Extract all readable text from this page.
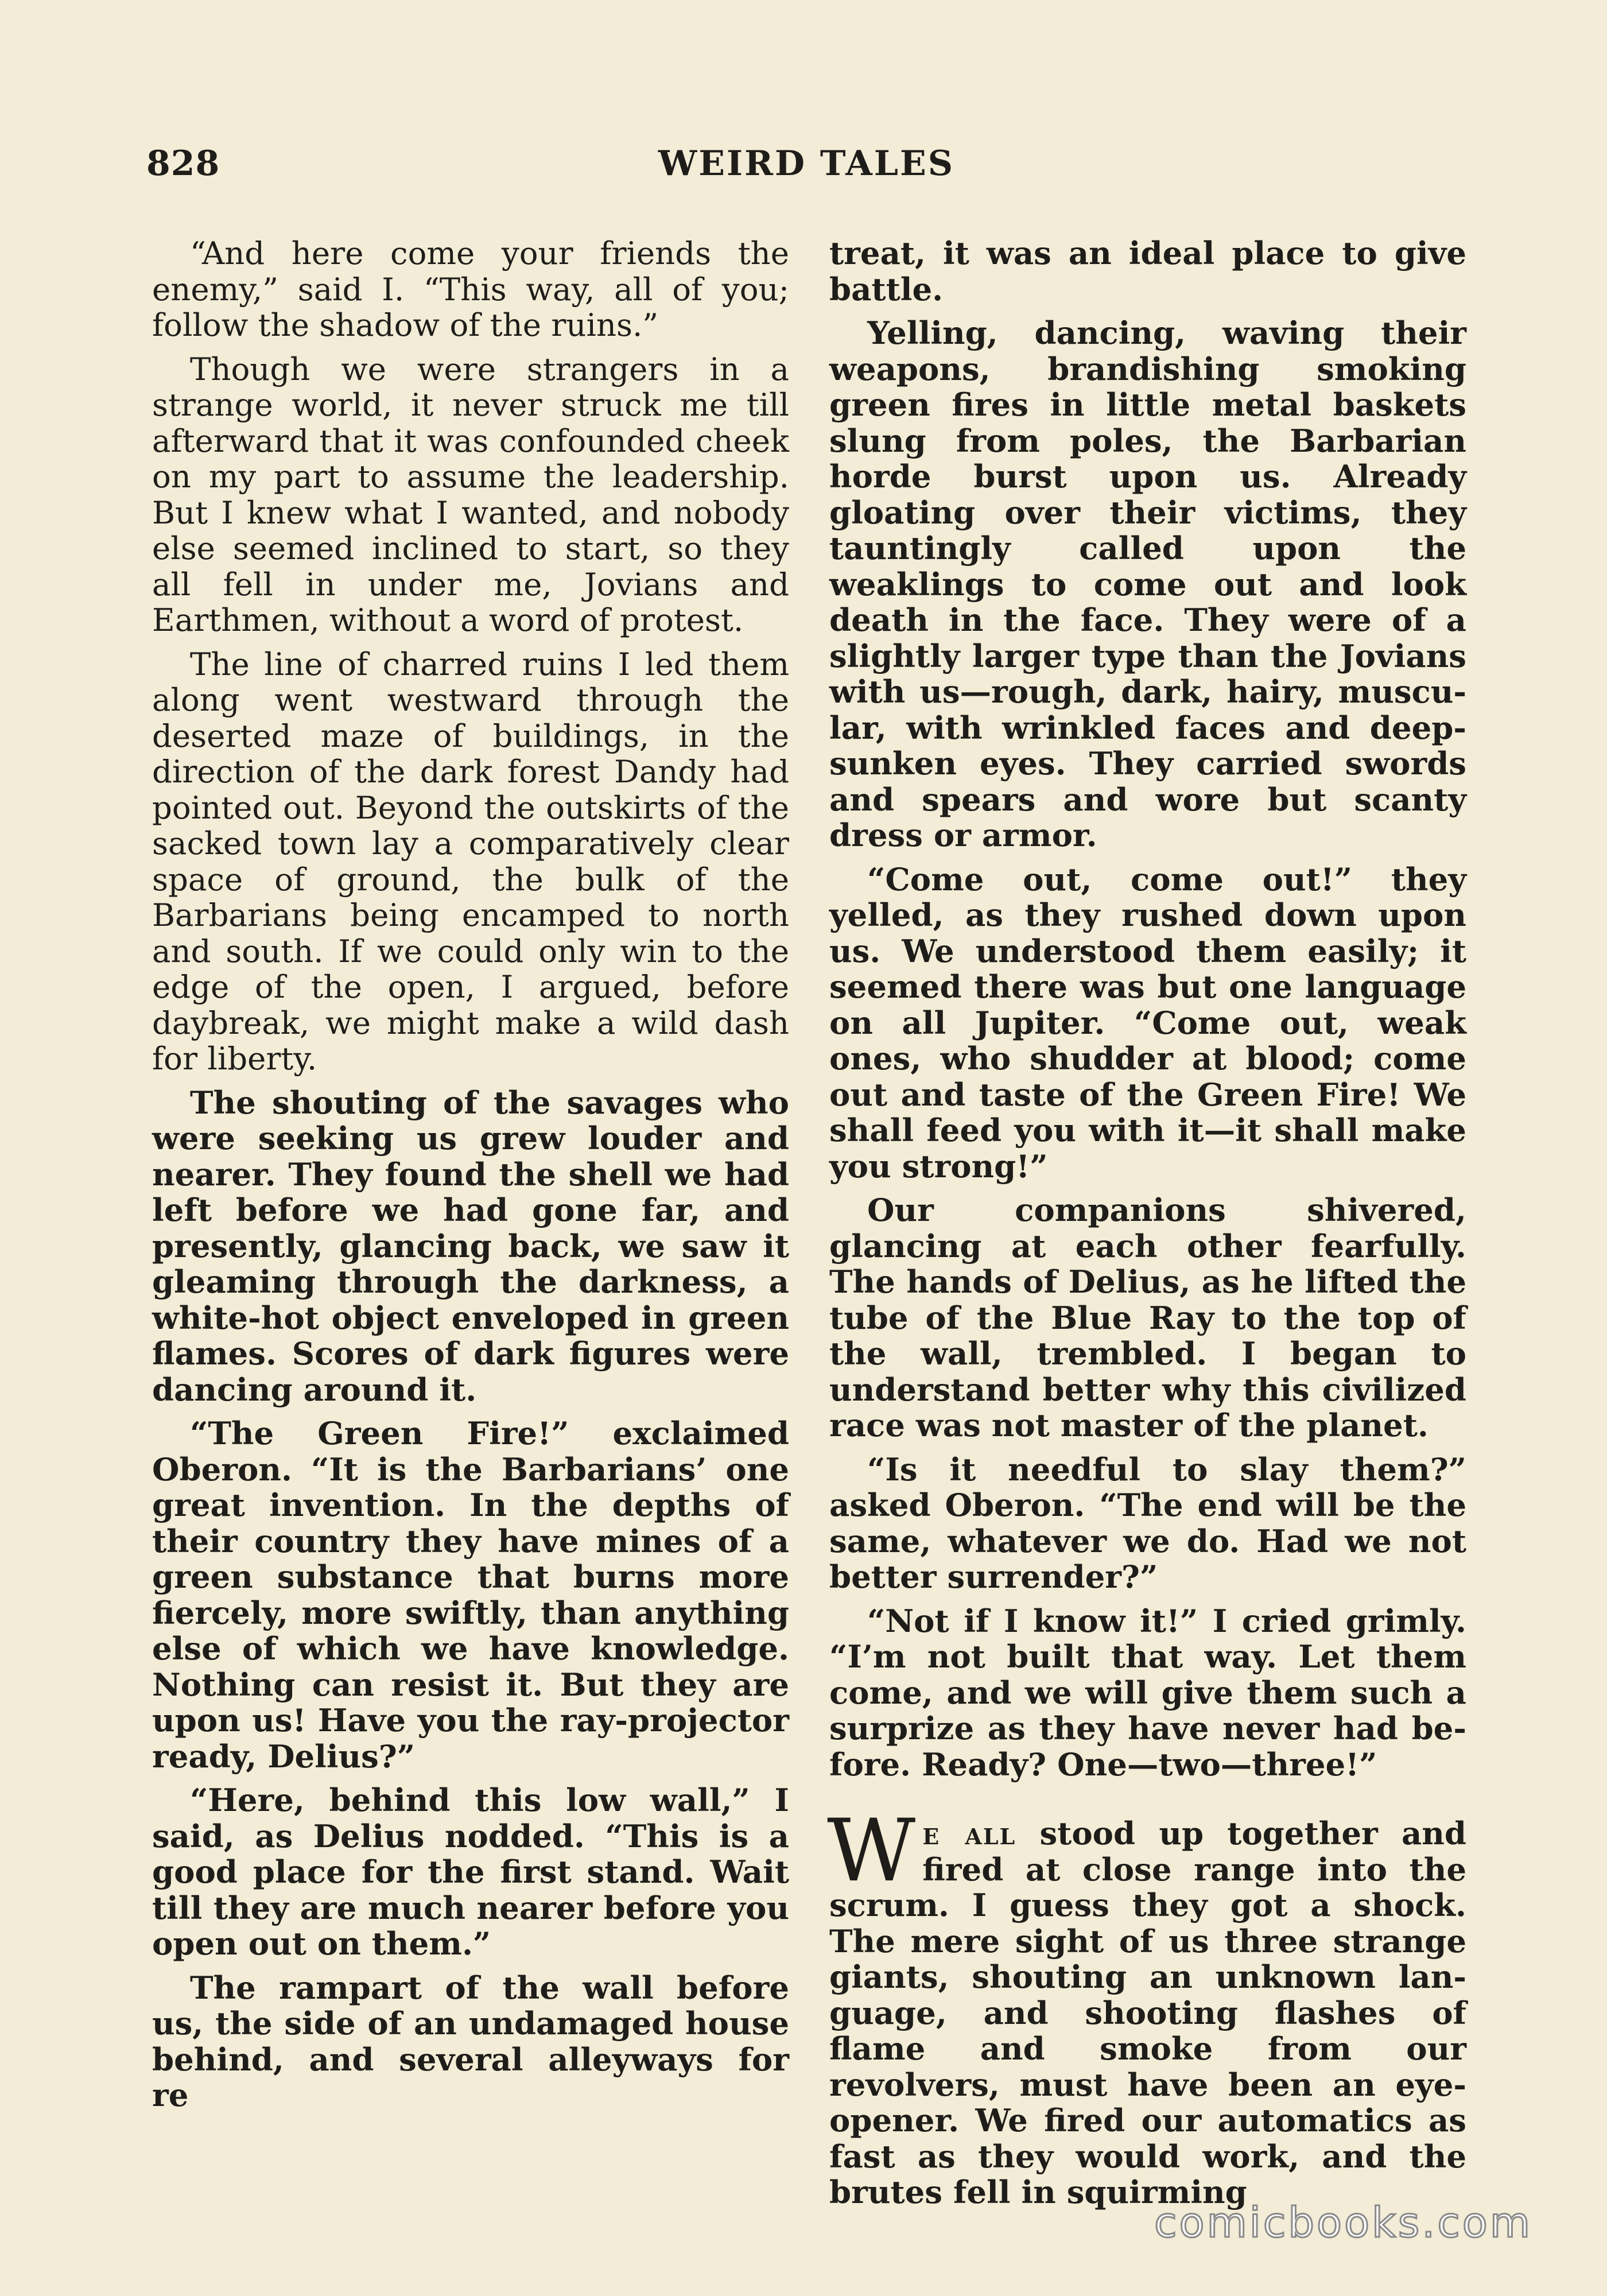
828	WEIRD TALES

“And here come your friends the enemy,” said I. “This way, all of you; follow the shadow of the ruins.”

Though we were strangers in a strange world, it never struck me till afterward that it was confounded cheek on my part to assume the leadership. But I knew what I wanted, and nobody else seemed inclined to start, so they all fell in under me, Jovians and Earthmen, without a word of protest.

The line of charred ruins I led them along went westward through the deserted maze of buildings, in the direction of the dark forest Dandy had pointed out. Beyond the outskirts of the sacked town lay a comparatively clear space of ground, the bulk of the Barbarians being encamped to north and south. If we could only win to the edge of the open, I argued, before daybreak, we might make a wild dash for liberty.

The shouting of the savages who were seeking us grew louder and nearer. They found the shell we had left before we had gone far, and presently, glancing back, we saw it gleaming through the darkness, a white-hot object enveloped in green flames. Scores of dark figures were dancing around it.

“The Green Fire!” exclaimed Oberon. “It is the Barbarians’ one great invention. In the depths of their country they have mines of a green substance that burns more fiercely, more swiftly, than anything else of which we have knowledge. Nothing can resist it. But they are upon us! Have you the ray-projector ready, Delius?”

“Here, behind this low wall,” I said, as Delius nodded. “This is a good place for the first stand. Wait till they are much nearer before you open out on them.”

The rampart of the wall before us, the side of an undamaged house behind, and several alleyways for re

treat, it was an ideal place to give battle.

Yelling, dancing, waving their weapons, brandishing smoking green fires in little metal baskets slung from poles, the Barbarian horde burst upon us. Already gloating over their victims, they tauntingly called upon the weaklings to come out and look death in the face. They were of a slightly larger type than the Jovians with us—rough, dark, hairy, muscular, with wrinkled faces and deep-sunken eyes. They carried swords and spears and wore but scanty dress or armor.

“Come out, come out!” they yelled, as they rushed down upon us. We understood them easily; it seemed there was but one language on all Jupiter. “Come out, weak ones, who shudder at blood; come out and taste of the Green Fire! We shall feed you with it—it shall make you strong!”

Our companions shivered, glancing at each other fearfully. The hands of Delius, as he lifted the tube of the Blue Ray to the top of the wall, trembled. I began to understand better why this civilized race was not master of the planet.

“Is it needful to slay them?” asked Oberon. “The end will be the same, whatever we do. Had we not better surrender?”

“Not if I know it!” I cried grimly. “I’m not built that way. Let them come, and we will give them such a surprize as they have never had before. Ready? One—two—three!”

We all stood up together and fired at close range into the scrum. I guess they got a shock. The mere sight of us three strange giants, shouting an unknown language, and shooting flashes of flame and smoke from our revolvers, must have been an eye-opener. We fired our automatics as fast as they would work, and the brutes fell in squirming

comicbooks.com
